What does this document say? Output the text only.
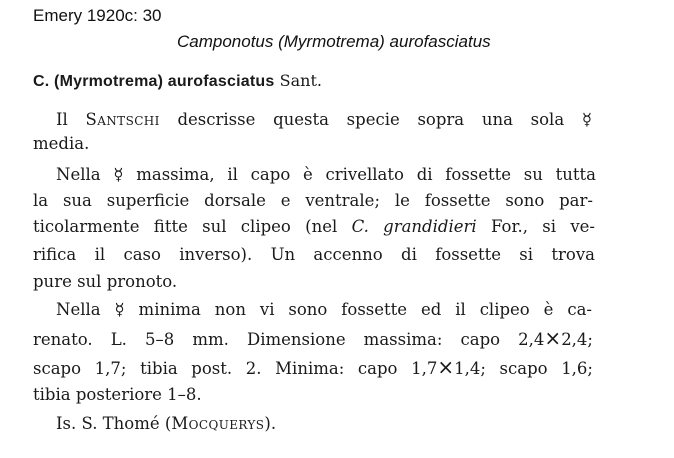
Emery 1920c: 30
Camponotus (Myrmotrema) aurofasciatus
C. (Myrmotrema) aurofasciatus Sant.
Il Santschi descrisse questa specie sopra una sola ☿
media.
Nella ☿ massima, il capo è crivellato di fossette su tutta
la sua superficie dorsale e ventrale; le fossette sono par-
ticolarmente fitte sul clipeo (nel C. grandidieri For., si ve-
rifica il caso inverso). Un accenno di fossette si trova
pure sul pronoto.
Nella ☿ minima non vi sono fossette ed il clipeo è ca-
renato. L. 5–8 mm. Dimensione massima: capo 2,4×2,4;
scapo 1,7; tibia post. 2. Minima: capo 1,7×1,4; scapo 1,6;
tibia posteriore 1–8.
Is. S. Thomé (Mocquerys).
